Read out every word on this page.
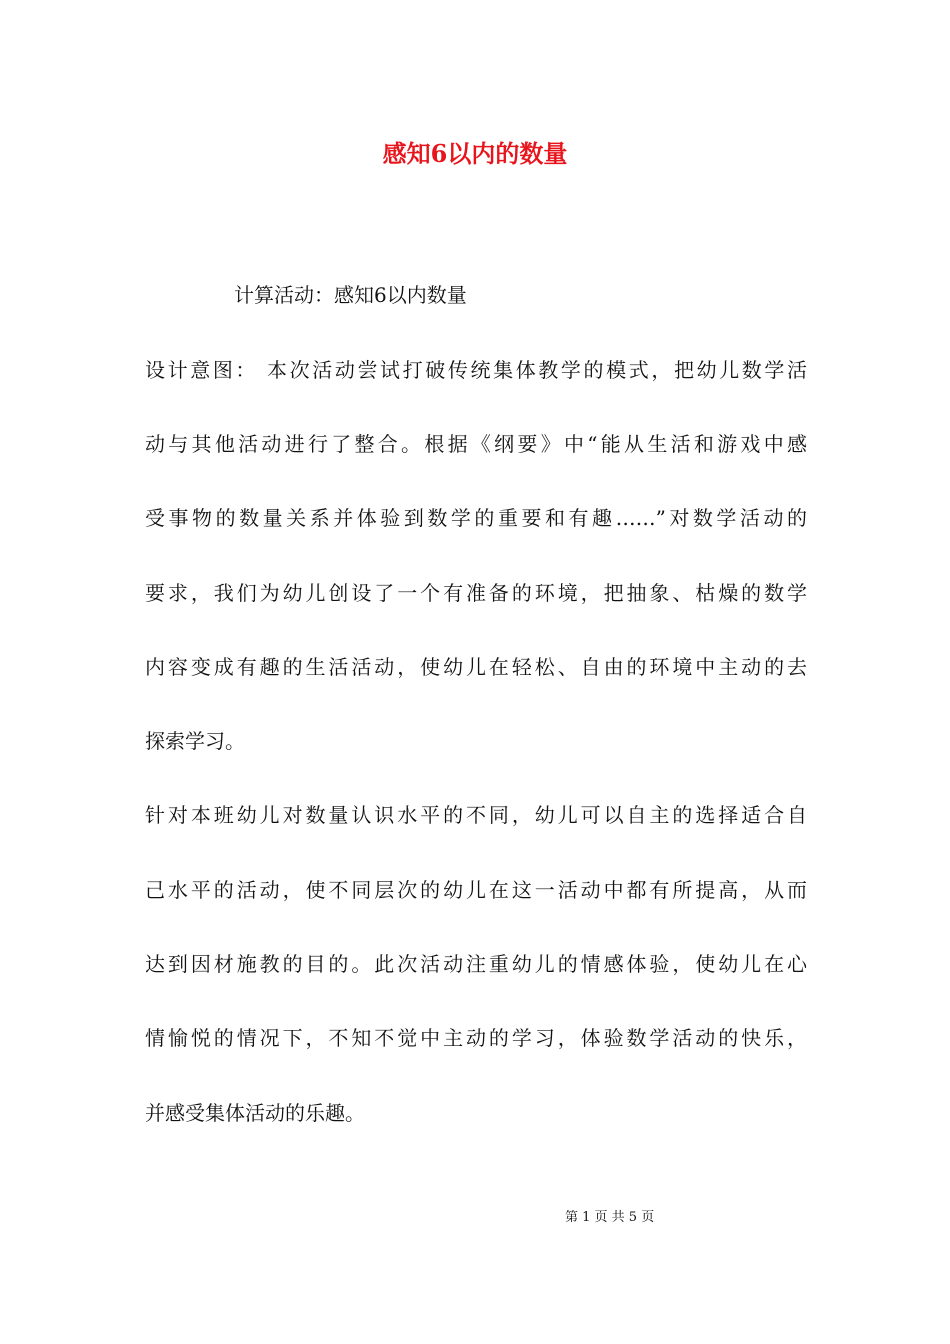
感知6以内的数量

计算活动：感知6以内数量

设计意图： 本次活动尝试打破传统集体教学的模式，把幼儿数学活

动与其他活动进行了整合。根据《纲要》中“能从生活和游戏中感

受事物的数量关系并体验到数学的重要和有趣……”对数学活动的

要求，我们为幼儿创设了一个有准备的环境，把抽象、枯燥的数学

内容变成有趣的生活活动，使幼儿在轻松、自由的环境中主动的去

探索学习。

针对本班幼儿对数量认识水平的不同，幼儿可以自主的选择适合自

己水平的活动，使不同层次的幼儿在这一活动中都有所提高，从而

达到因材施教的目的。此次活动注重幼儿的情感体验，使幼儿在心

情愉悦的情况下，不知不觉中主动的学习，体验数学活动的快乐，

并感受集体活动的乐趣。

第 1 页 共 5 页
